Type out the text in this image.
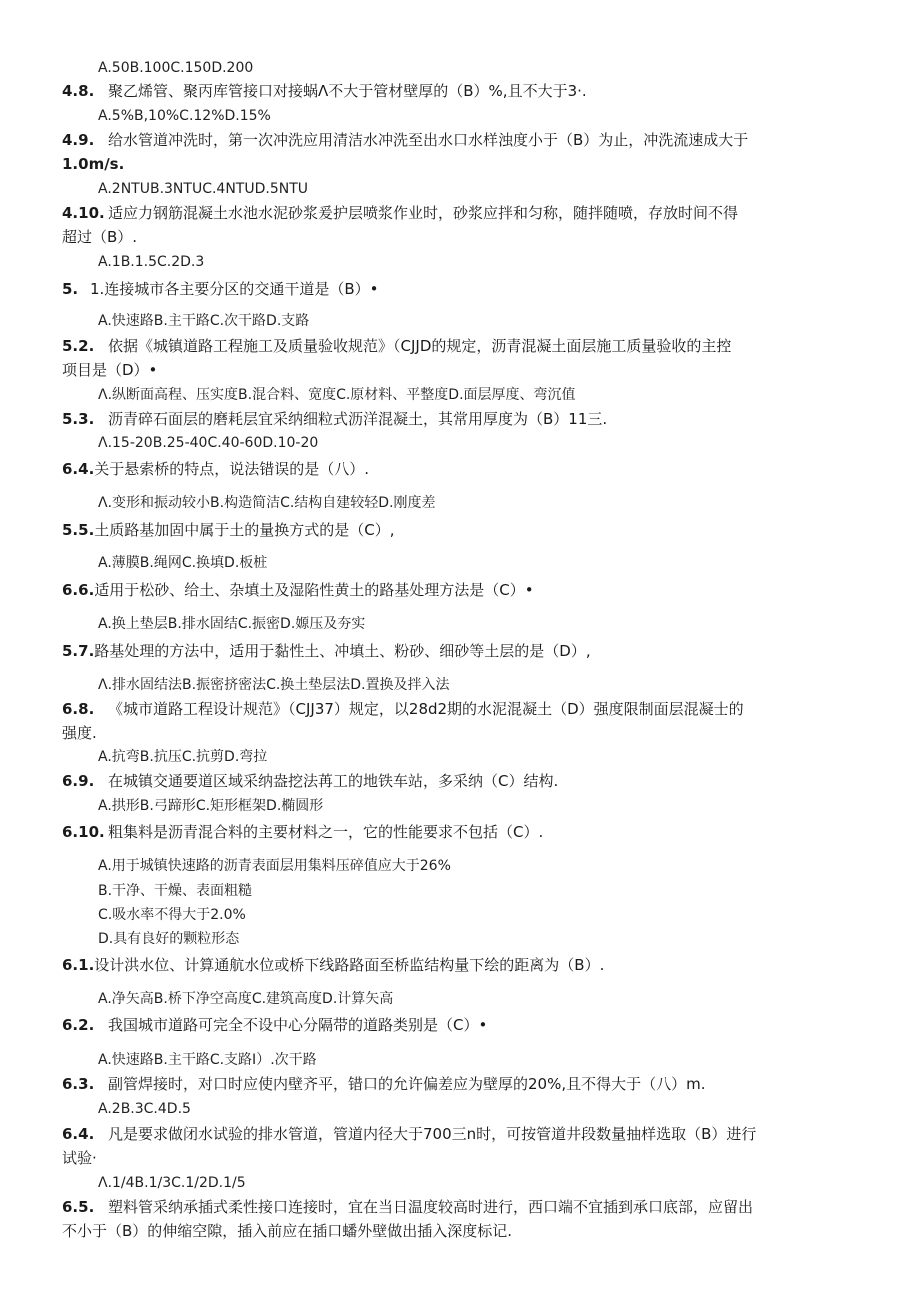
A.50B.100C.150D.200
4.8. 聚乙烯管、聚丙库管接口对接蜗Λ不大于管材壁厚的（B）%,且不大于3·.
A.5%B,10%C.12%D.15%
4.9. 给水管道冲洗时，第一次冲洗应用清洁水冲洗至出水口水样浊度小于（B）为止，冲洗流速成大于
1.0m∕s.
A.2NTUB.3NTUC.4NTUD.5NTU
4.10. 适应力钢筋混凝土水池水泥砂浆爰护层喷浆作业时，砂浆应拌和匀称，随拌随喷，存放时间不得
超过（B）.
A.1B.1.5C.2D.3
5. 1.连接城市各主要分区的交通干道是（B）•
A.快速路B.主干路C.次干路D.支路
5.2. 依据《城镇道路工程施工及质量验收规范》（CJJD的规定，沥青混凝土面层施工质量验收的主控
项目是（D）•
Λ.纵断面高程、压实度B.混合料、宽度C.原材料、平整度D.面层厚度、弯沉值
5.3. 沥青碎石面层的磨耗层宜采纳细粒式沥洋混凝土，其常用厚度为（B）11三.
Λ.15-20B.25-40C.40-60D.10-20
6.4.关于悬索桥的特点，说法错误的是（八）.
Λ.变形和振动较小B.构造简洁C.结构自建较轻D.刚度差
5.5.土质路基加固中属于土的量换方式的是（C）,
A.薄膜B.绳网C.换填D.板桩
6.6.适用于松砂、给土、杂填土及湿陷性黄土的路基处理方法是（C）•
A.换上垫层B.排水固结C.振密D.嫄压及夯实
5.7.路基处理的方法中，适用于黏性土、冲填土、粉砂、细砂等土层的是（D）,
Λ.排水固结法B.振密挤密法C.换土垫层法D.置换及拌入法
6.8. 《城市道路工程设计规范》（CJJ37）规定，以28d2期的水泥混凝土（D）强度限制面层混凝士的
强度.
A.抗弯B.抗压C.抗剪D.弯拉
6.9. 在城镇交通要道区域采纳盎挖法苒工的地铁车站，多采纳（C）结构.
A.拱形B.弓蹄形C.矩形框架D.椭圆形
6.10. 粗集料是沥青混合料的主要材料之一，它的性能要求不包括（C）.
A.用于城镇快速路的沥青表面层用集料压碎值应大于26%
B.干净、干燥、表面粗糙
C.吸水率不得大于2.0%
D.具有良好的颗粒形态
6.1.设计洪水位、计算通航水位或桥下线路路面至桥监结构量下绘的距离为（B）.
A.净矢高B.桥下净空高度C.建筑高度D.计算矢高
6.2. 我国城市道路可完全不设中心分隔带的道路类别是（C）•
A.快速路B.主干路C.支路I）.次干路
6.3. 副管焊接时，对口时应使内壁齐平，错口的允许偏差应为壁厚的20%,且不得大于（八）m.
A.2B.3C.4D.5
6.4. 凡是要求做闭水试验的排水管道，管道内径大于700三n时，可按管道井段数量抽样选取（B）进行
试验·
Λ.1/4B.1∕3C.1/2D.1/5
6.5. 塑料管采纳承插式柔性接口连接时，宜在当日温度较高时进行，西口端不宜插到承口底部，应留出
不小于（B）的伸缩空隙，插入前应在插口蟠外壁做出插入深度标记.
